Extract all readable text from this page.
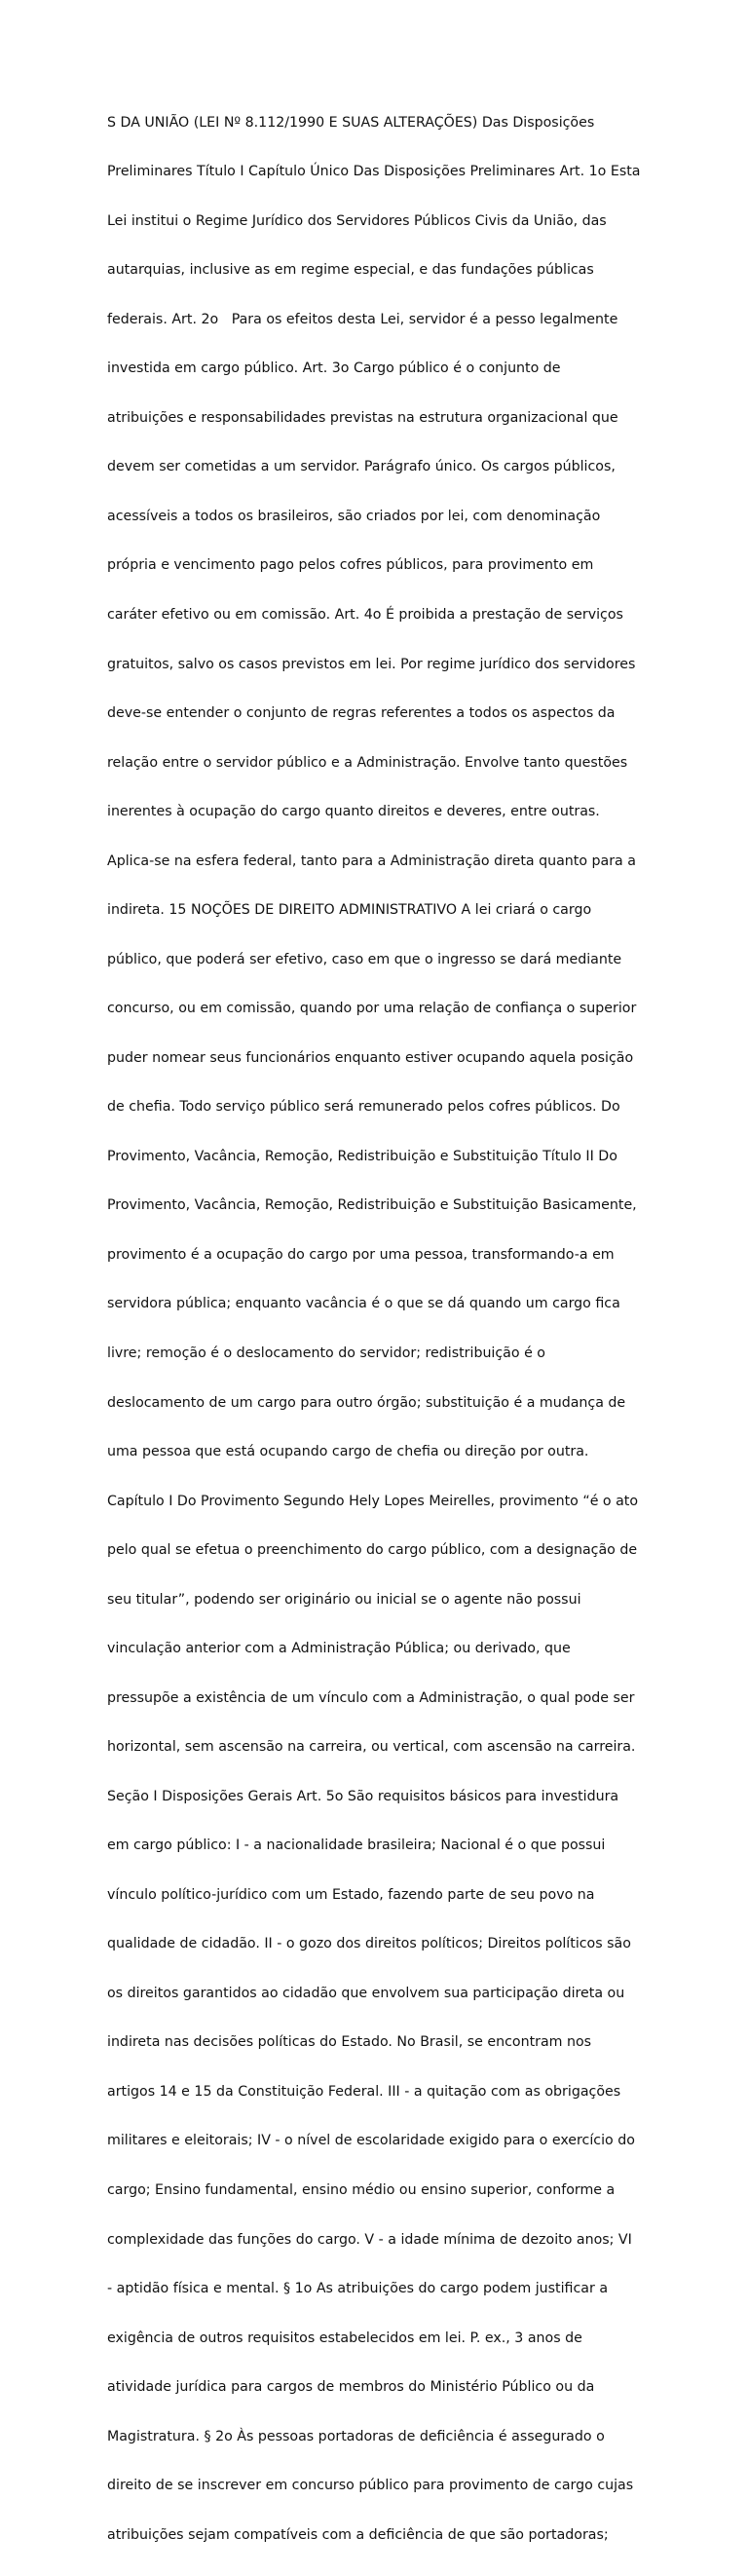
S DA UNIÃO (LEI Nº 8.112/1990 E SUAS ALTERAÇÕES) Das Disposições

Preliminares Título I Capítulo Único Das Disposições Preliminares Art. 1o Esta

Lei institui o Regime Jurídico dos Servidores Públicos Civis da União, das

autarquias, inclusive as em regime especial, e das fundações públicas

federais. Art. 2o   Para os efeitos desta Lei, servidor é a pesso legalmente

investida em cargo público. Art. 3o Cargo público é o conjunto de

atribuições e responsabilidades previstas na estrutura organizacional que

devem ser cometidas a um servidor. Parágrafo único. Os cargos públicos,

acessíveis a todos os brasileiros, são criados por lei, com denominação

própria e vencimento pago pelos cofres públicos, para provimento em

caráter efetivo ou em comissão. Art. 4o É proibida a prestação de serviços

gratuitos, salvo os casos previstos em lei. Por regime jurídico dos servidores

deve-se entender o conjunto de regras referentes a todos os aspectos da

relação entre o servidor público e a Administração. Envolve tanto questões

inerentes à ocupação do cargo quanto direitos e deveres, entre outras.

Aplica-se na esfera federal, tanto para a Administração direta quanto para a

indireta. 15 NOÇÕES DE DIREITO ADMINISTRATIVO A lei criará o cargo

público, que poderá ser efetivo, caso em que o ingresso se dará mediante

concurso, ou em comissão, quando por uma relação de confiança o superior

puder nomear seus funcionários enquanto estiver ocupando aquela posição

de chefia. Todo serviço público será remunerado pelos cofres públicos. Do

Provimento, Vacância, Remoção, Redistribuição e Substituição Título II Do

Provimento, Vacância, Remoção, Redistribuição e Substituição Basicamente,

provimento é a ocupação do cargo por uma pessoa, transformando-a em

servidora pública; enquanto vacância é o que se dá quando um cargo fica

livre; remoção é o deslocamento do servidor; redistribuição é o

deslocamento de um cargo para outro órgão; substituição é a mudança de

uma pessoa que está ocupando cargo de chefia ou direção por outra.

Capítulo I Do Provimento Segundo Hely Lopes Meirelles, provimento “é o ato

pelo qual se efetua o preenchimento do cargo público, com a designação de

seu titular”, podendo ser originário ou inicial se o agente não possui

vinculação anterior com a Administração Pública; ou derivado, que

pressupõe a existência de um vínculo com a Administração, o qual pode ser

horizontal, sem ascensão na carreira, ou vertical, com ascensão na carreira.

Seção I Disposições Gerais Art. 5o São requisitos básicos para investidura

em cargo público: I - a nacionalidade brasileira; Nacional é o que possui

vínculo político-jurídico com um Estado, fazendo parte de seu povo na

qualidade de cidadão. II - o gozo dos direitos políticos; Direitos políticos são

os direitos garantidos ao cidadão que envolvem sua participação direta ou

indireta nas decisões políticas do Estado. No Brasil, se encontram nos

artigos 14 e 15 da Constituição Federal. III - a quitação com as obrigações

militares e eleitorais; IV - o nível de escolaridade exigido para o exercício do

cargo; Ensino fundamental, ensino médio ou ensino superior, conforme a

complexidade das funções do cargo. V - a idade mínima de dezoito anos; VI

- aptidão física e mental. § 1o As atribuições do cargo podem justificar a

exigência de outros requisitos estabelecidos em lei. P. ex., 3 anos de

atividade jurídica para cargos de membros do Ministério Público ou da

Magistratura. § 2o Às pessoas portadoras de deficiência é assegurado o

direito de se inscrever em concurso público para provimento de cargo cujas

atribuições sejam compatíveis com a deficiência de que são portadoras;
